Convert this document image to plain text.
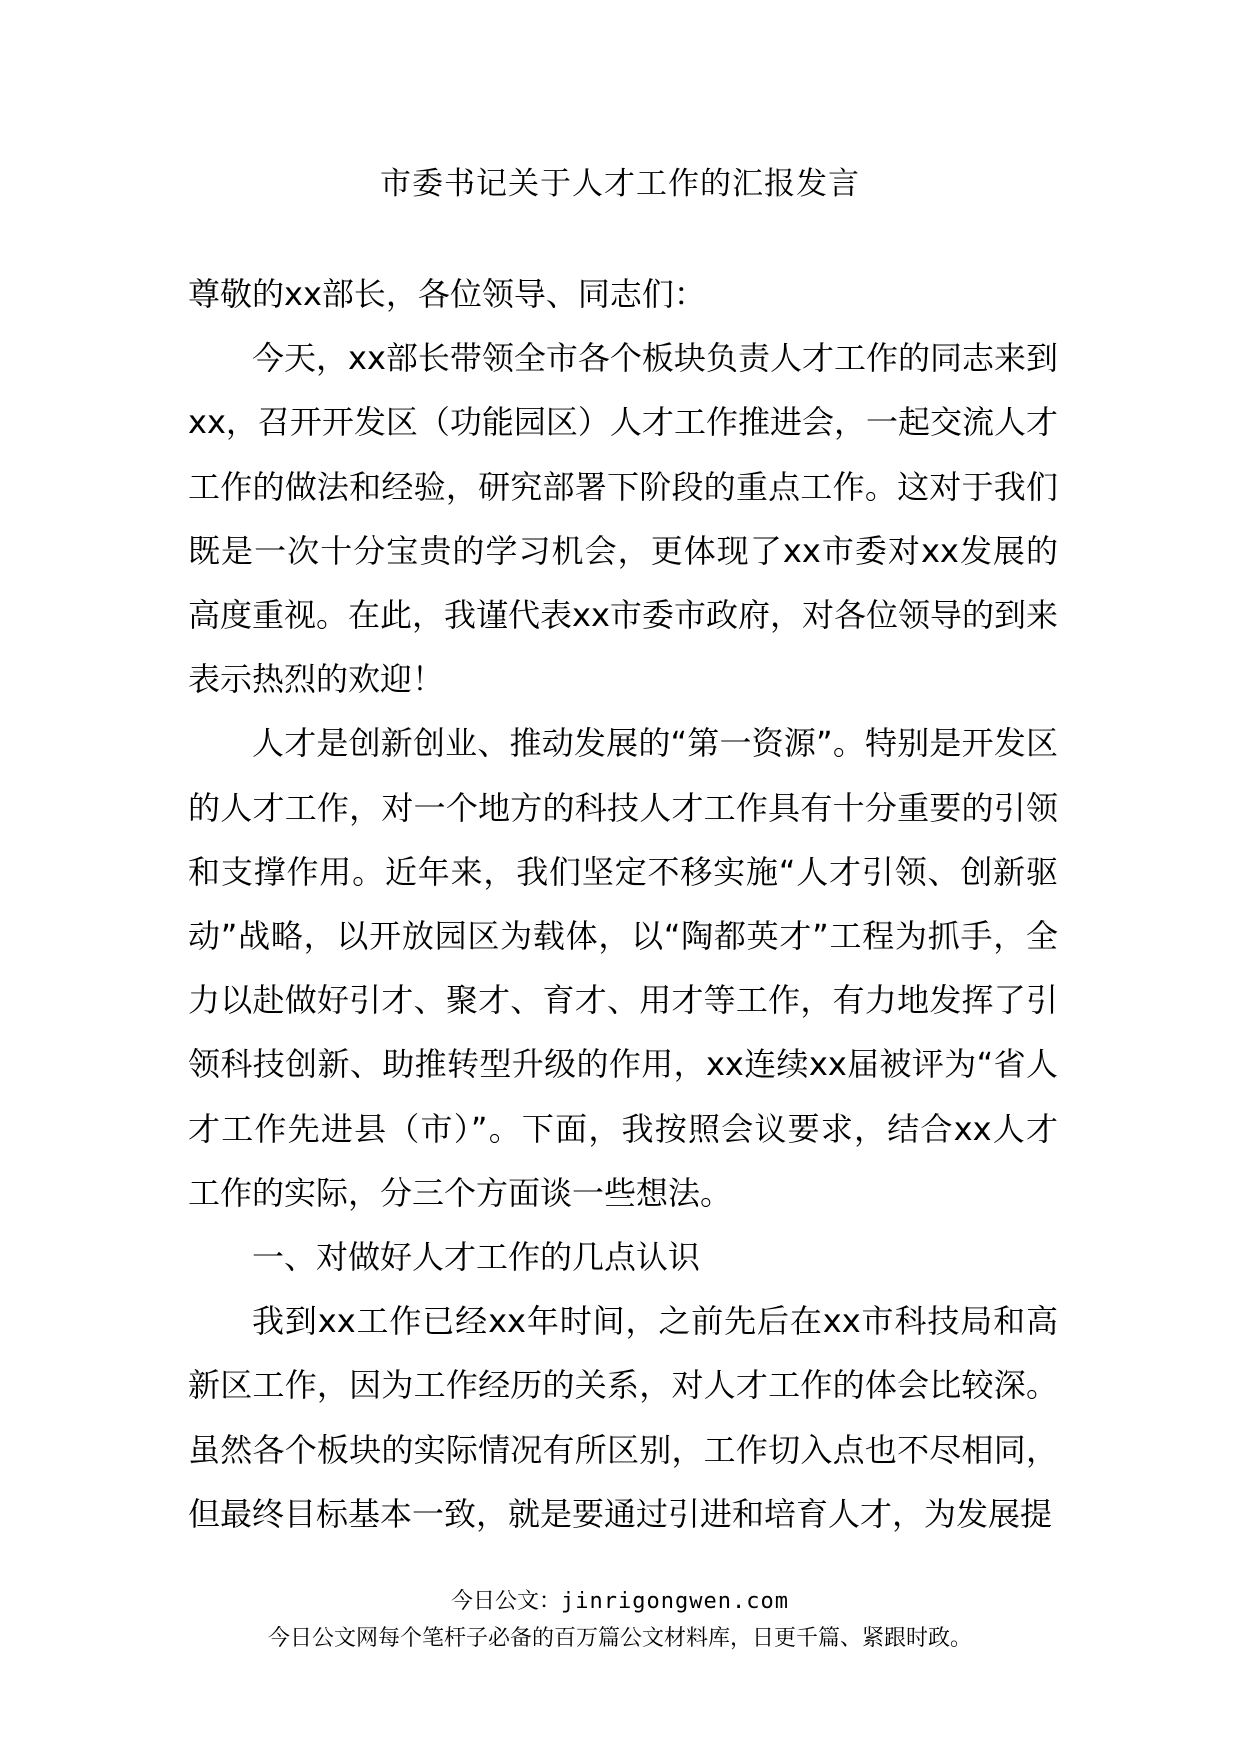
市委书记关于人才工作的汇报发言

尊敬的xx部长，各位领导、同志们：

今天，xx部长带领全市各个板块负责人才工作的同志来到xx，召开开发区（功能园区）人才工作推进会，一起交流人才工作的做法和经验，研究部署下阶段的重点工作。这对于我们既是一次十分宝贵的学习机会，更体现了xx市委对xx发展的高度重视。在此，我谨代表xx市委市政府，对各位领导的到来表示热烈的欢迎！

人才是创新创业、推动发展的“第一资源”。特别是开发区的人才工作，对一个地方的科技人才工作具有十分重要的引领和支撑作用。近年来，我们坚定不移实施“人才引领、创新驱动”战略，以开放园区为载体，以“陶都英才”工程为抓手，全力以赴做好引才、聚才、育才、用才等工作，有力地发挥了引领科技创新、助推转型升级的作用，xx连续xx届被评为“省人才工作先进县（市）”。下面，我按照会议要求，结合xx人才工作的实际，分三个方面谈一些想法。

一、对做好人才工作的几点认识

我到xx工作已经xx年时间，之前先后在xx市科技局和高新区工作，因为工作经历的关系，对人才工作的体会比较深。虽然各个板块的实际情况有所区别，工作切入点也不尽相同，但最终目标基本一致，就是要通过引进和培育人才，为发展提

今日公文：jinrigongwen.com
今日公文网每个笔杆子必备的百万篇公文材料库，日更千篇、紧跟时政。
